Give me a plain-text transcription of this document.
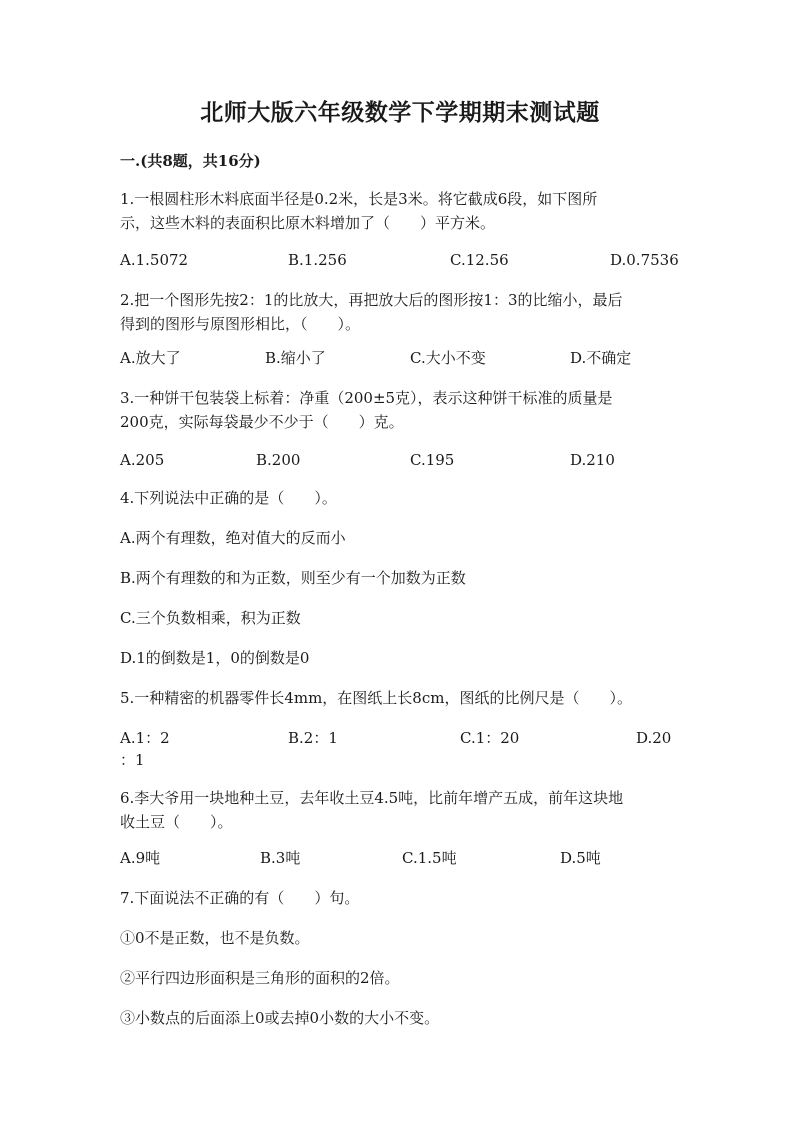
北师大版六年级数学下学期期末测试题
一.(共8题，共16分)

1.一根圆柱形木料底面半径是0.2米，长是3米。将它截成6段，如下图所

示，这些木料的表面积比原木料增加了（　　）平方米。

A.1.5072	B.1.256	C.12.56	D.0.7536

2.把一个图形先按2：1的比放大，再把放大后的图形按1：3的比缩小，最后

得到的图形与原图形相比，（　　）。

A.放大了	B.缩小了	C.大小不变	D.不确定

3.一种饼干包装袋上标着：净重（200±5克），表示这种饼干标准的质量是

200克，实际每袋最少不少于（　　）克。

A.205	B.200	C.195	D.210

4.下列说法中正确的是（　　）。

A.两个有理数，绝对值大的反而小
B.两个有理数的和为正数，则至少有一个加数为正数
C.三个负数相乘，积为正数
D.1的倒数是1，0的倒数是0

5.一种精密的机器零件长4mm，在图纸上长8cm，图纸的比例尺是（　　）。

A.1：2	B.2：1	C.1：20	D.20
：1

6.李大爷用一块地种土豆，去年收土豆4.5吨，比前年增产五成，前年这块地

收土豆（　　）。

A.9吨	B.3吨	C.1.5吨	D.5吨

7.下面说法不正确的有（　　）句。

①0不是正数，也不是负数。
②平行四边形面积是三角形的面积的2倍。
③小数点的后面添上0或去掉0小数的大小不变。
